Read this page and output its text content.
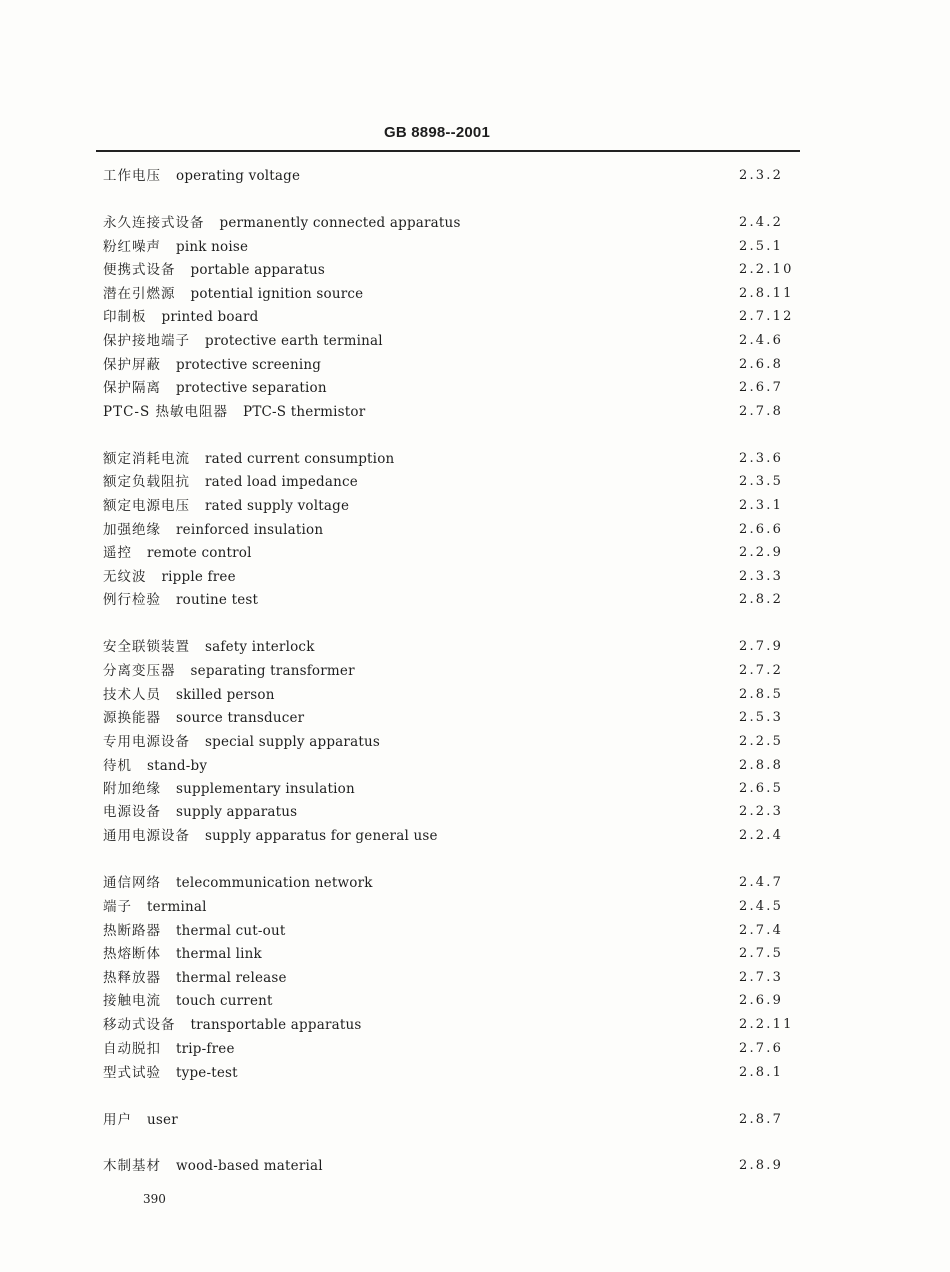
GB 8898--2001
工作电压 operating voltage	2.3.2
永久连接式设备 permanently connected apparatus	2.4.2
粉红噪声 pink noise	2.5.1
便携式设备 portable apparatus	2.2.10
潜在引燃源 potential ignition source	2.8.11
印制板 printed board	2.7.12
保护接地端子 protective earth terminal	2.4.6
保护屏蔽 protective screening	2.6.8
保护隔离 protective separation	2.6.7
PTC-S 热敏电阻器 PTC-S thermistor	2.7.8
额定消耗电流 rated current consumption	2.3.6
额定负载阻抗 rated load impedance	2.3.5
额定电源电压 rated supply voltage	2.3.1
加强绝缘 reinforced insulation	2.6.6
遥控 remote control	2.2.9
无纹波 ripple free	2.3.3
例行检验 routine test	2.8.2
安全联锁装置 safety interlock	2.7.9
分离变压器 separating transformer	2.7.2
技术人员 skilled person	2.8.5
源换能器 source transducer	2.5.3
专用电源设备 special supply apparatus	2.2.5
待机 stand-by	2.8.8
附加绝缘 supplementary insulation	2.6.5
电源设备 supply apparatus	2.2.3
通用电源设备 supply apparatus for general use	2.2.4
通信网络 telecommunication network	2.4.7
端子 terminal	2.4.5
热断路器 thermal cut-out	2.7.4
热熔断体 thermal link	2.7.5
热释放器 thermal release	2.7.3
接触电流 touch current	2.6.9
移动式设备 transportable apparatus	2.2.11
自动脱扣 trip-free	2.7.6
型式试验 type-test	2.8.1
用户 user	2.8.7
木制基材 wood-based material	2.8.9
390
